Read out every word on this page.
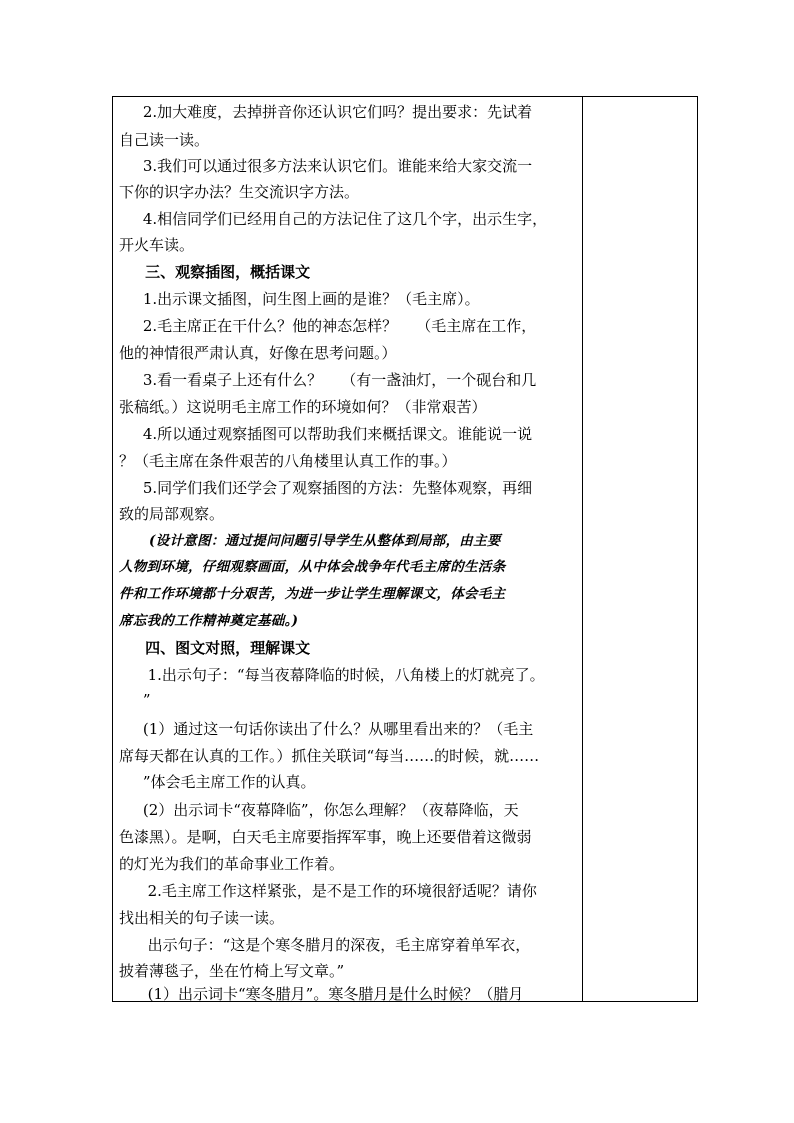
2.加大难度，去掉拼音你还认识它们吗？提出要求：先试着
自己读一读。
3.我们可以通过很多方法来认识它们。谁能来给大家交流一
下你的识字办法？生交流识字方法。
4.相信同学们已经用自己的方法记住了这几个字，出示生字，
开火车读。
三、观察插图，概括课文
1.出示课文插图，问生图上画的是谁？（毛主席）。
2.毛主席正在干什么？他的神态怎样？    （毛主席在工作，
他的神情很严肃认真，好像在思考问题。）
3.看一看桌子上还有什么？    （有一盏油灯，一个砚台和几
张稿纸。）这说明毛主席工作的环境如何？（非常艰苦）
4.所以通过观察插图可以帮助我们来概括课文。谁能说一说
？（毛主席在条件艰苦的八角楼里认真工作的事。）
5.同学们我们还学会了观察插图的方法：先整体观察，再细
致的局部观察。
(设计意图：通过提问问题引导学生从整体到局部，由主要
人物到环境，仔细观察画面，从中体会战争年代毛主席的生活条
件和工作环境都十分艰苦，为进一步让学生理解课文，体会毛主
席忘我的工作精神奠定基础。)
四、图文对照，理解课文
1.出示句子：“每当夜幕降临的时候，八角楼上的灯就亮了。
”
(1）通过这一句话你读出了什么？从哪里看出来的？（毛主
席每天都在认真的工作。）抓住关联词“每当……的时候，就……
”体会毛主席工作的认真。
(2）出示词卡“夜幕降临”，你怎么理解？（夜幕降临，天
色漆黑）。是啊，白天毛主席要指挥军事，晚上还要借着这微弱
的灯光为我们的革命事业工作着。
2.毛主席工作这样紧张，是不是工作的环境很舒适呢？请你
找出相关的句子读一读。
出示句子：“这是个寒冬腊月的深夜，毛主席穿着单军衣，
披着薄毯子，坐在竹椅上写文章。”
(1）出示词卡“寒冬腊月”。寒冬腊月是什么时候？（腊月
